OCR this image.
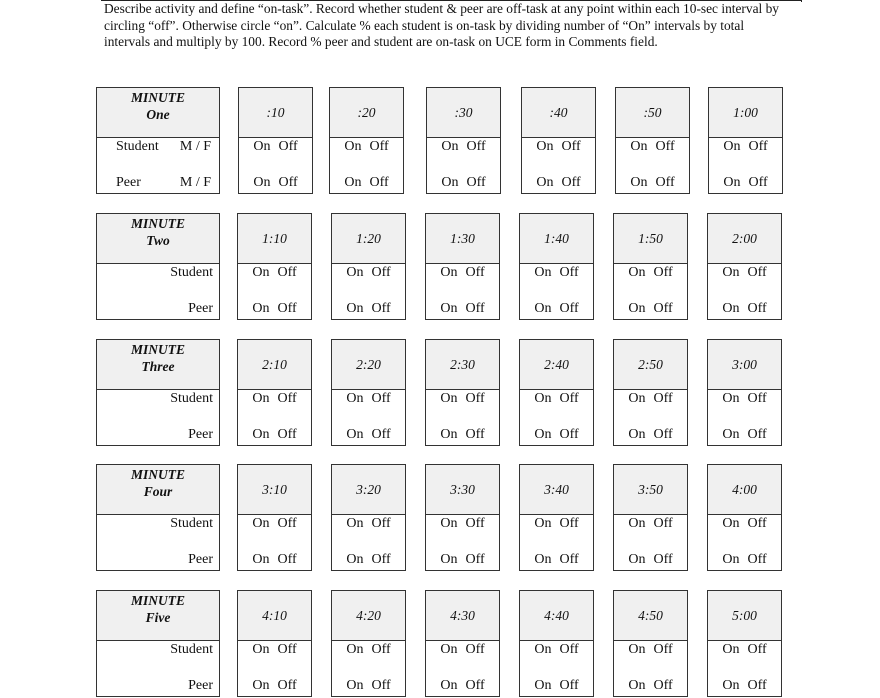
Describe activity and define “on-task”. Record whether student & peer are off-task at any point within each 10-sec interval by circling “off”. Otherwise circle “on”. Calculate % each student is on-task by dividing number of “On” intervals by total intervals and multiply by 100. Record % peer and student are on-task on UCE form in Comments field.

MINUTE
One
Student
Peer
M / F
M / F
:10
On Off
On Off
:20
On Off
On Off
:30
On Off
On Off
:40
On Off
On Off
:50
On Off
On Off
1:00
On Off
On Off
MINUTE
Two
Student
Peer
1:10
On Off
On Off
1:20
On Off
On Off
1:30
On Off
On Off
1:40
On Off
On Off
1:50
On Off
On Off
2:00
On Off
On Off
MINUTE
Three
Student
Peer
2:10
On Off
On Off
2:20
On Off
On Off
2:30
On Off
On Off
2:40
On Off
On Off
2:50
On Off
On Off
3:00
On Off
On Off
MINUTE
Four
Student
Peer
3:10
On Off
On Off
3:20
On Off
On Off
3:30
On Off
On Off
3:40
On Off
On Off
3:50
On Off
On Off
4:00
On Off
On Off
MINUTE
Five
Student
Peer
4:10
On Off
On Off
4:20
On Off
On Off
4:30
On Off
On Off
4:40
On Off
On Off
4:50
On Off
On Off
5:00
On Off
On Off
